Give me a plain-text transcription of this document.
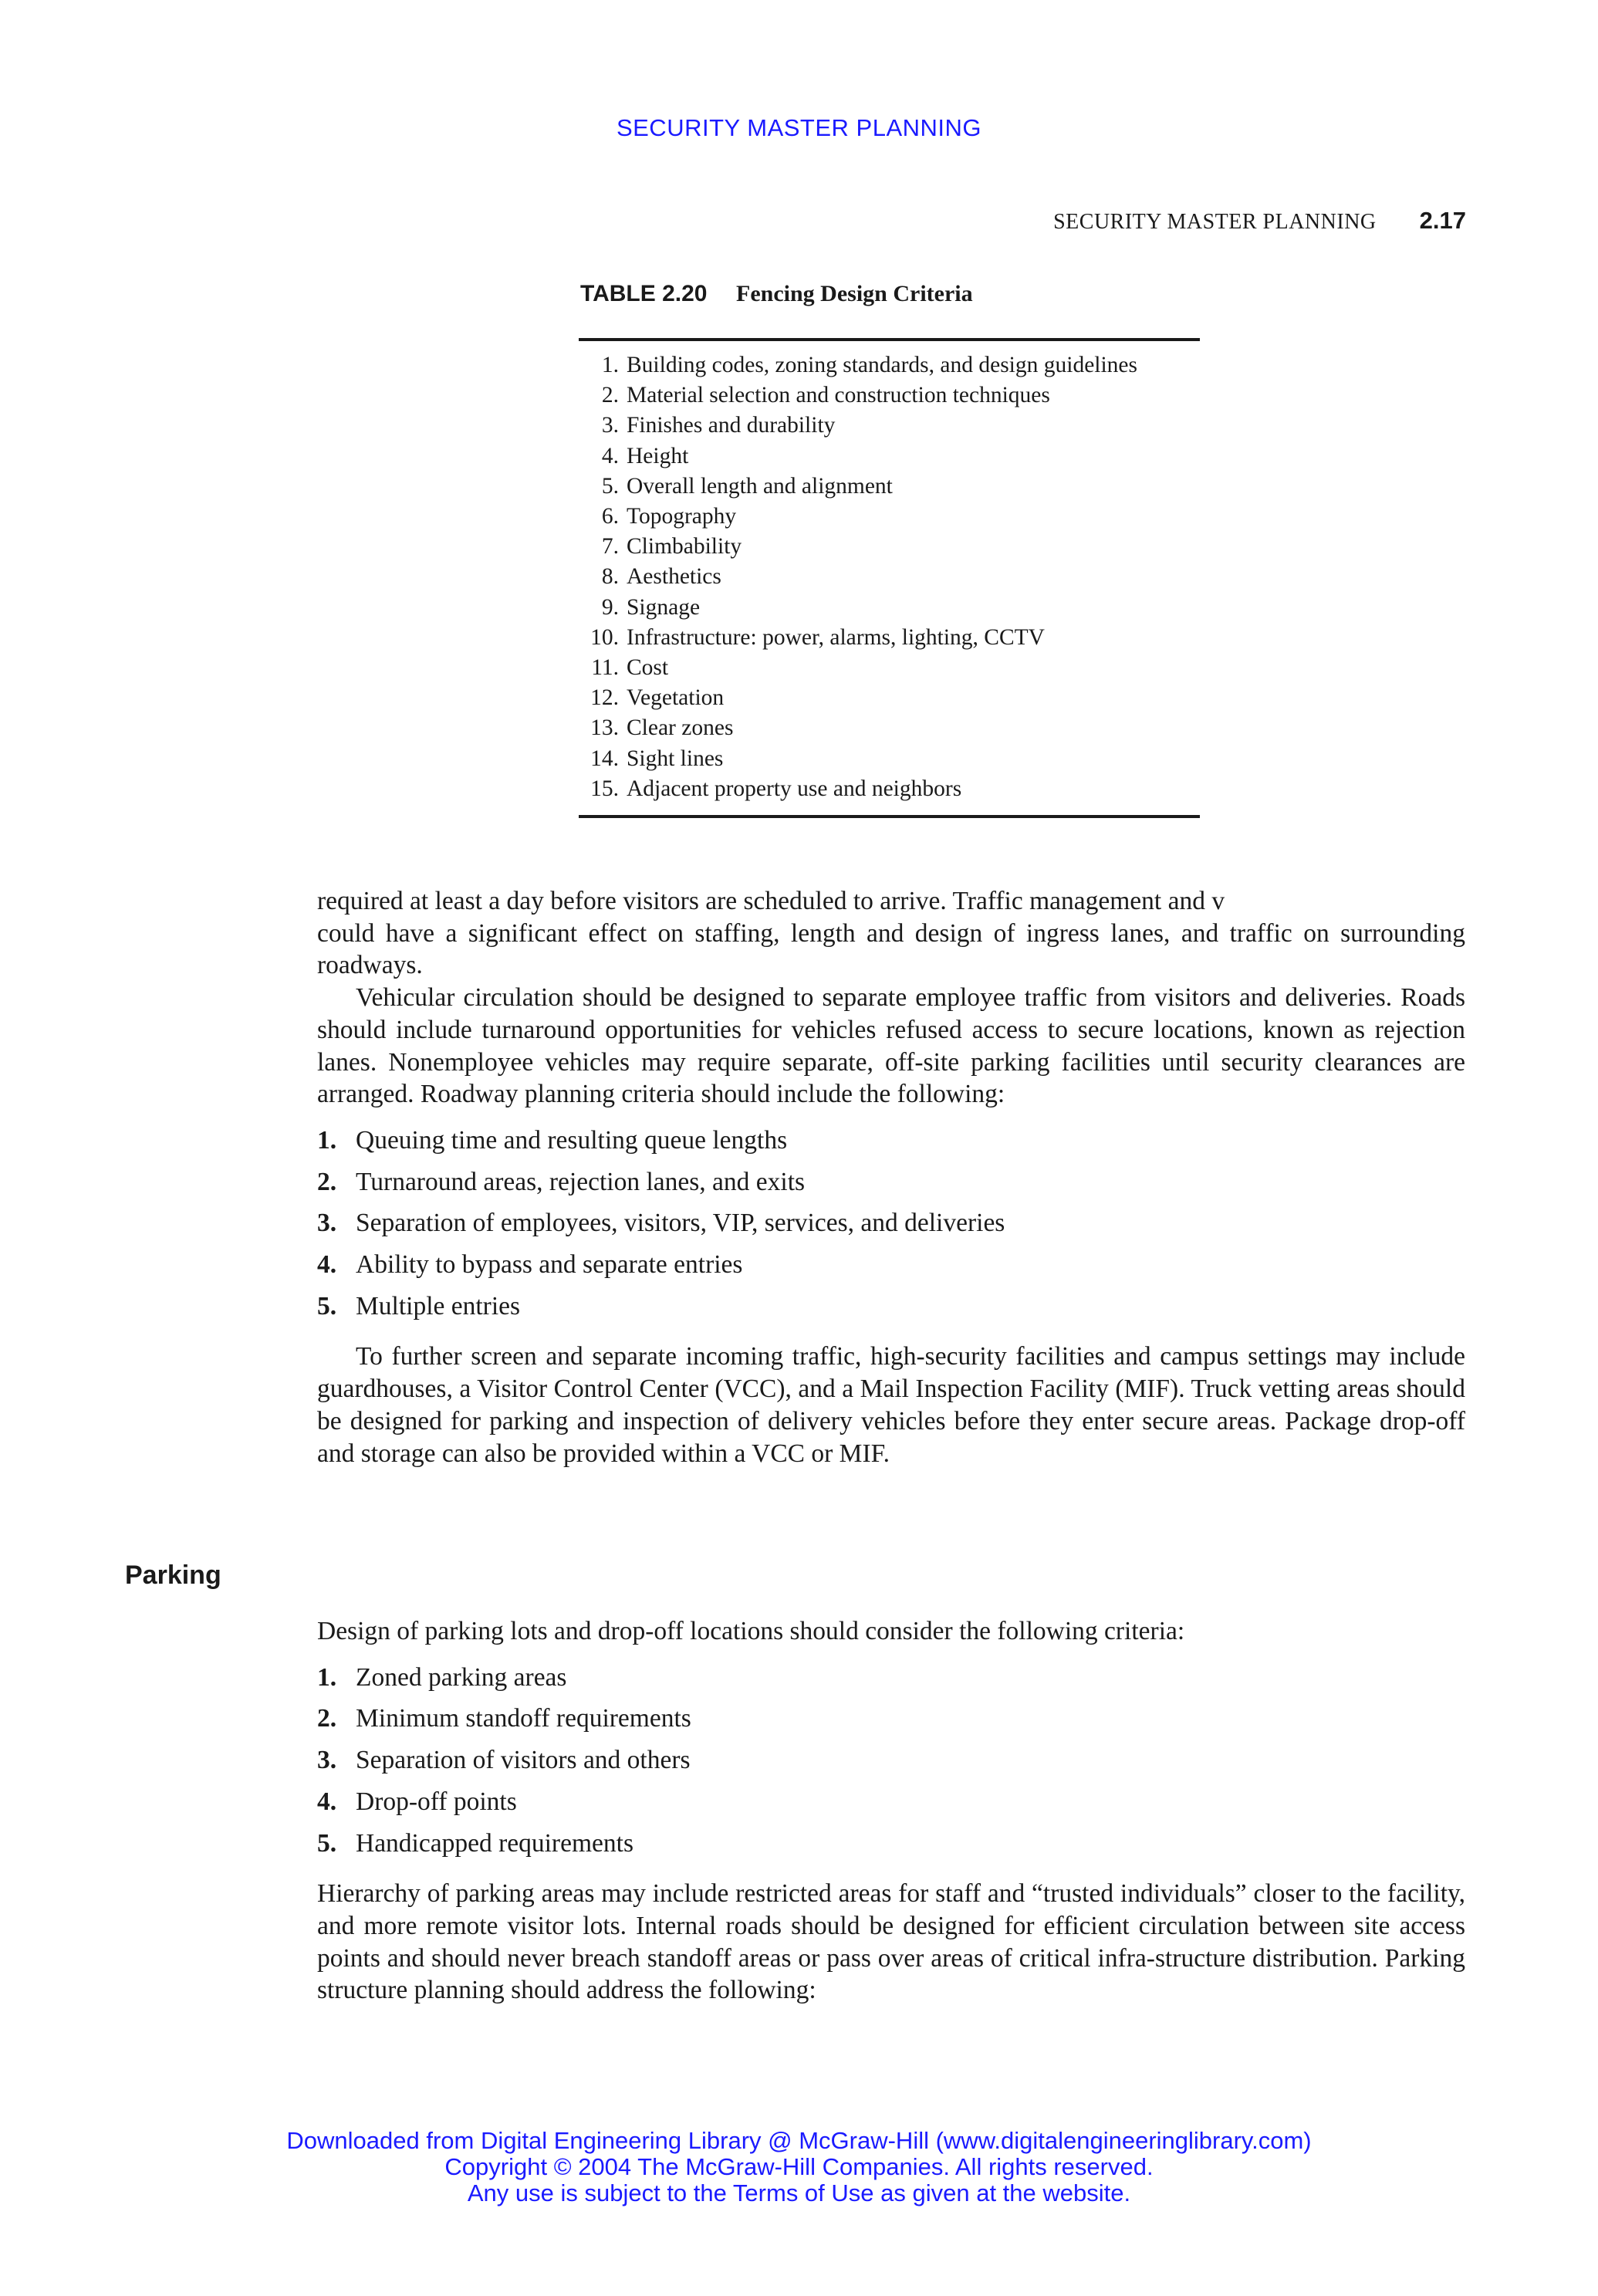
SECURITY MASTER PLANNING
SECURITY MASTER PLANNING 2.17
TABLE 2.20 Fencing Design Criteria
1. Building codes, zoning standards, and design guidelines
2. Material selection and construction techniques
3. Finishes and durability
4. Height
5. Overall length and alignment
6. Topography
7. Climbability
8. Aesthetics
9. Signage
10. Infrastructure: power, alarms, lighting, CCTV
11. Cost
12. Vegetation
13. Clear zones
14. Sight lines
15. Adjacent property use and neighbors

required at least a day before visitors are scheduled to arrive. Traffic management and v

could have a significant effect on staffing, length and design of ingress lanes, and traffic on surrounding roadways.

Vehicular circulation should be designed to separate employee traffic from visitors and deliveries. Roads should include turnaround opportunities for vehicles refused access to secure locations, known as rejection lanes. Nonemployee vehicles may require separate, off-site parking facilities until security clearances are arranged. Roadway planning criteria should include the following:

1. Queuing time and resulting queue lengths
2. Turnaround areas, rejection lanes, and exits
3. Separation of employees, visitors, VIP, services, and deliveries
4. Ability to bypass and separate entries
5. Multiple entries

To further screen and separate incoming traffic, high-security facilities and campus settings may include guardhouses, a Visitor Control Center (VCC), and a Mail Inspection Facility (MIF). Truck vetting areas should be designed for parking and inspection of delivery vehicles before they enter secure areas. Package drop-off and storage can also be provided within a VCC or MIF.

Parking

Design of parking lots and drop-off locations should consider the following criteria:

1. Zoned parking areas
2. Minimum standoff requirements
3. Separation of visitors and others
4. Drop-off points
5. Handicapped requirements

Hierarchy of parking areas may include restricted areas for staff and “trusted individuals” closer to the facility, and more remote visitor lots. Internal roads should be designed for efficient circulation between site access points and should never breach standoff areas or pass over areas of critical infra-structure distribution. Parking structure planning should address the following:

Downloaded from Digital Engineering Library @ McGraw-Hill (www.digitalengineeringlibrary.com)
Copyright © 2004 The McGraw-Hill Companies. All rights reserved.
Any use is subject to the Terms of Use as given at the website.
